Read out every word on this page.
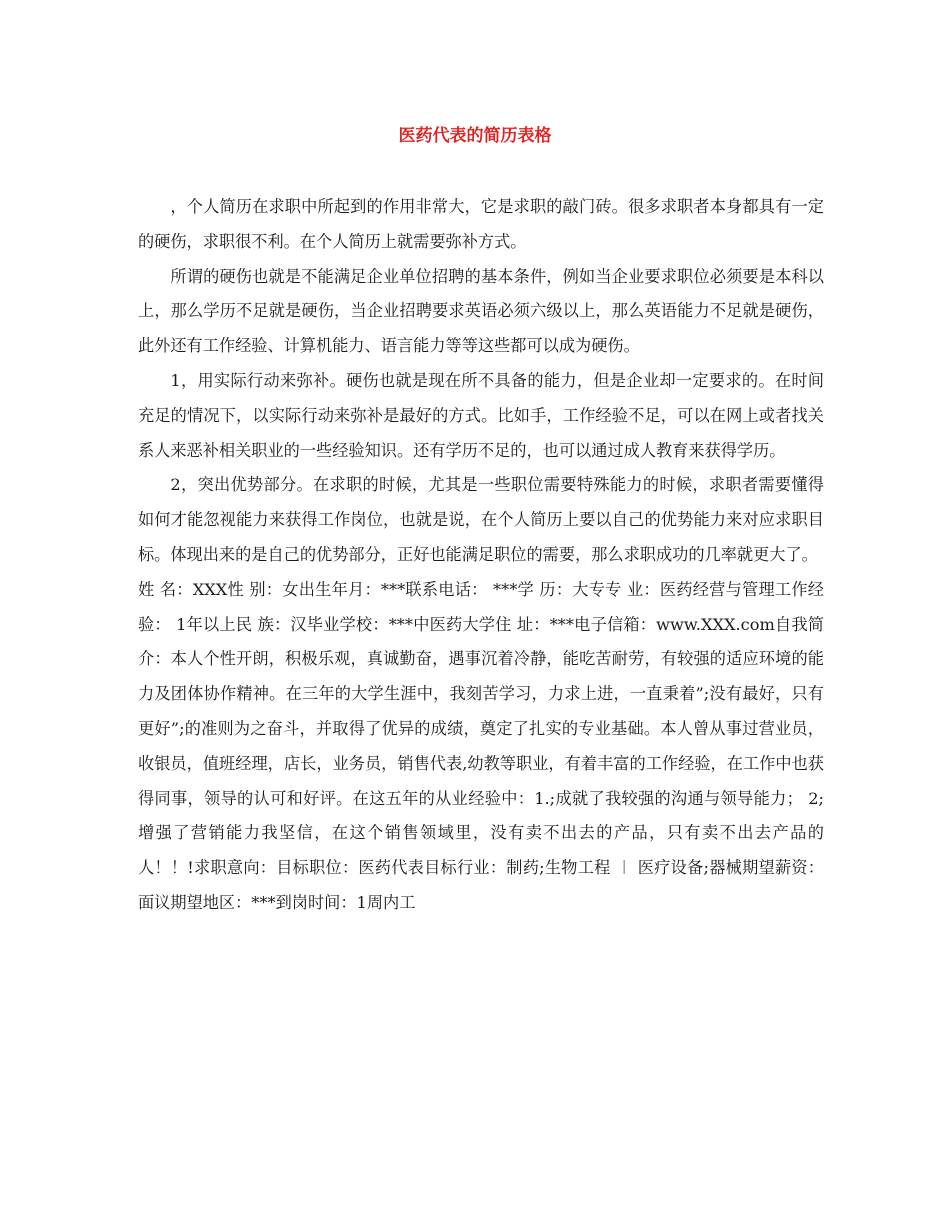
医药代表的简历表格

，个人简历在求职中所起到的作用非常大，它是求职的敲门砖。很多求职者本身都具有一定的硬伤，求职很不利。在个人简历上就需要弥补方式。

所谓的硬伤也就是不能满足企业单位招聘的基本条件，例如当企业要求职位必须要是本科以上，那么学历不足就是硬伤，当企业招聘要求英语必须六级以上，那么英语能力不足就是硬伤，此外还有工作经验、计算机能力、语言能力等等这些都可以成为硬伤。

1，用实际行动来弥补。硬伤也就是现在所不具备的能力，但是企业却一定要求的。在时间充足的情况下，以实际行动来弥补是最好的方式。比如手，工作经验不足，可以在网上或者找关系人来恶补相关职业的一些经验知识。还有学历不足的，也可以通过成人教育来获得学历。

2，突出优势部分。在求职的时候，尤其是一些职位需要特殊能力的时候，求职者需要懂得如何才能忽视能力来获得工作岗位，也就是说，在个人简历上要以自己的优势能力来对应求职目标。体现出来的是自己的优势部分，正好也能满足职位的需要，那么求职成功的几率就更大了。

姓 名：XXX性 别：女出生年月：***联系电话： ***学 历：大专专 业：医药经营与管理工作经验： 1年以上民 族：汉毕业学校：***中医药大学住 址：***电子信箱：www.XXX.com自我简介：本人个性开朗，积极乐观，真诚勤奋，遇事沉着冷静，能吃苦耐劳，有较强的适应环境的能力及团体协作精神。在三年的大学生涯中，我刻苦学习，力求上进，一直秉着”;没有最好，只有更好”;的准则为之奋斗，并取得了优异的成绩，奠定了扎实的专业基础。本人曾从事过营业员，收银员，值班经理，店长，业务员，销售代表,幼教等职业，有着丰富的工作经验，在工作中也获得同事，领导的认可和好评。在这五年的从业经验中：1.;成就了我较强的沟通与领导能力； 2;增强了营销能力我坚信，在这个销售领域里，没有卖不出去的产品，只有卖不出去产品的人！！!求职意向：目标职位：医药代表目标行业：制药;生物工程 ︱ 医疗设备;器械期望薪资：面议期望地区：***到岗时间：1周内工
